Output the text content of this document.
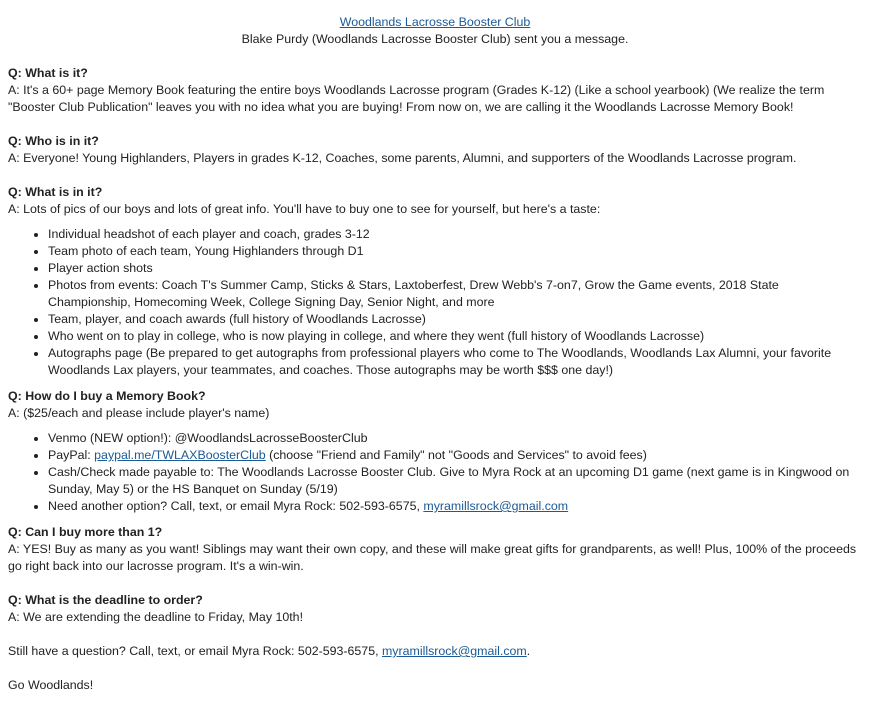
Woodlands Lacrosse Booster Club
Blake Purdy (Woodlands Lacrosse Booster Club) sent you a message.

Q: What is it?

A: It's a 60+ page Memory Book featuring the entire boys Woodlands Lacrosse program (Grades K-12) (Like a school yearbook) (We realize the term "Booster Club Publication" leaves you with no idea what you are buying! From now on, we are calling it the Woodlands Lacrosse Memory Book!

Q: Who is in it?

A: Everyone! Young Highlanders, Players in grades K-12, Coaches, some parents, Alumni, and supporters of the Woodlands Lacrosse program.

Q: What is in it?

A: Lots of pics of our boys and lots of great info. You'll have to buy one to see for yourself, but here's a taste:

• Individual headshot of each player and coach, grades 3-12
• Team photo of each team, Young Highlanders through D1
• Player action shots
• Photos from events: Coach T's Summer Camp, Sticks & Stars, Laxtoberfest, Drew Webb's 7-on7, Grow the Game events, 2018 State Championship, Homecoming Week, College Signing Day, Senior Night, and more
• Team, player, and coach awards (full history of Woodlands Lacrosse)
• Who went on to play in college, who is now playing in college, and where they went (full history of Woodlands Lacrosse)
• Autographs page (Be prepared to get autographs from professional players who come to The Woodlands, Woodlands Lax Alumni, your favorite Woodlands Lax players, your teammates, and coaches. Those autographs may be worth $$$ one day!)

Q: How do I buy a Memory Book?

A: ($25/each and please include player's name)

• Venmo (NEW option!): @WoodlandsLacrosseBoosterClub
• PayPal: paypal.me/TWLAXBoosterClub (choose "Friend and Family" not "Goods and Services" to avoid fees)
• Cash/Check made payable to: The Woodlands Lacrosse Booster Club. Give to Myra Rock at an upcoming D1 game (next game is in Kingwood on Sunday, May 5) or the HS Banquet on Sunday (5/19)
• Need another option? Call, text, or email Myra Rock: 502-593-6575, myramillsrock@gmail.com

Q: Can I buy more than 1?

A: YES! Buy as many as you want! Siblings may want their own copy, and these will make great gifts for grandparents, as well! Plus, 100% of the proceeds go right back into our lacrosse program. It's a win-win.

Q: What is the deadline to order?

A: We are extending the deadline to Friday, May 10th!

Still have a question? Call, text, or email Myra Rock: 502-593-6575, myramillsrock@gmail.com.
Go Woodlands!
